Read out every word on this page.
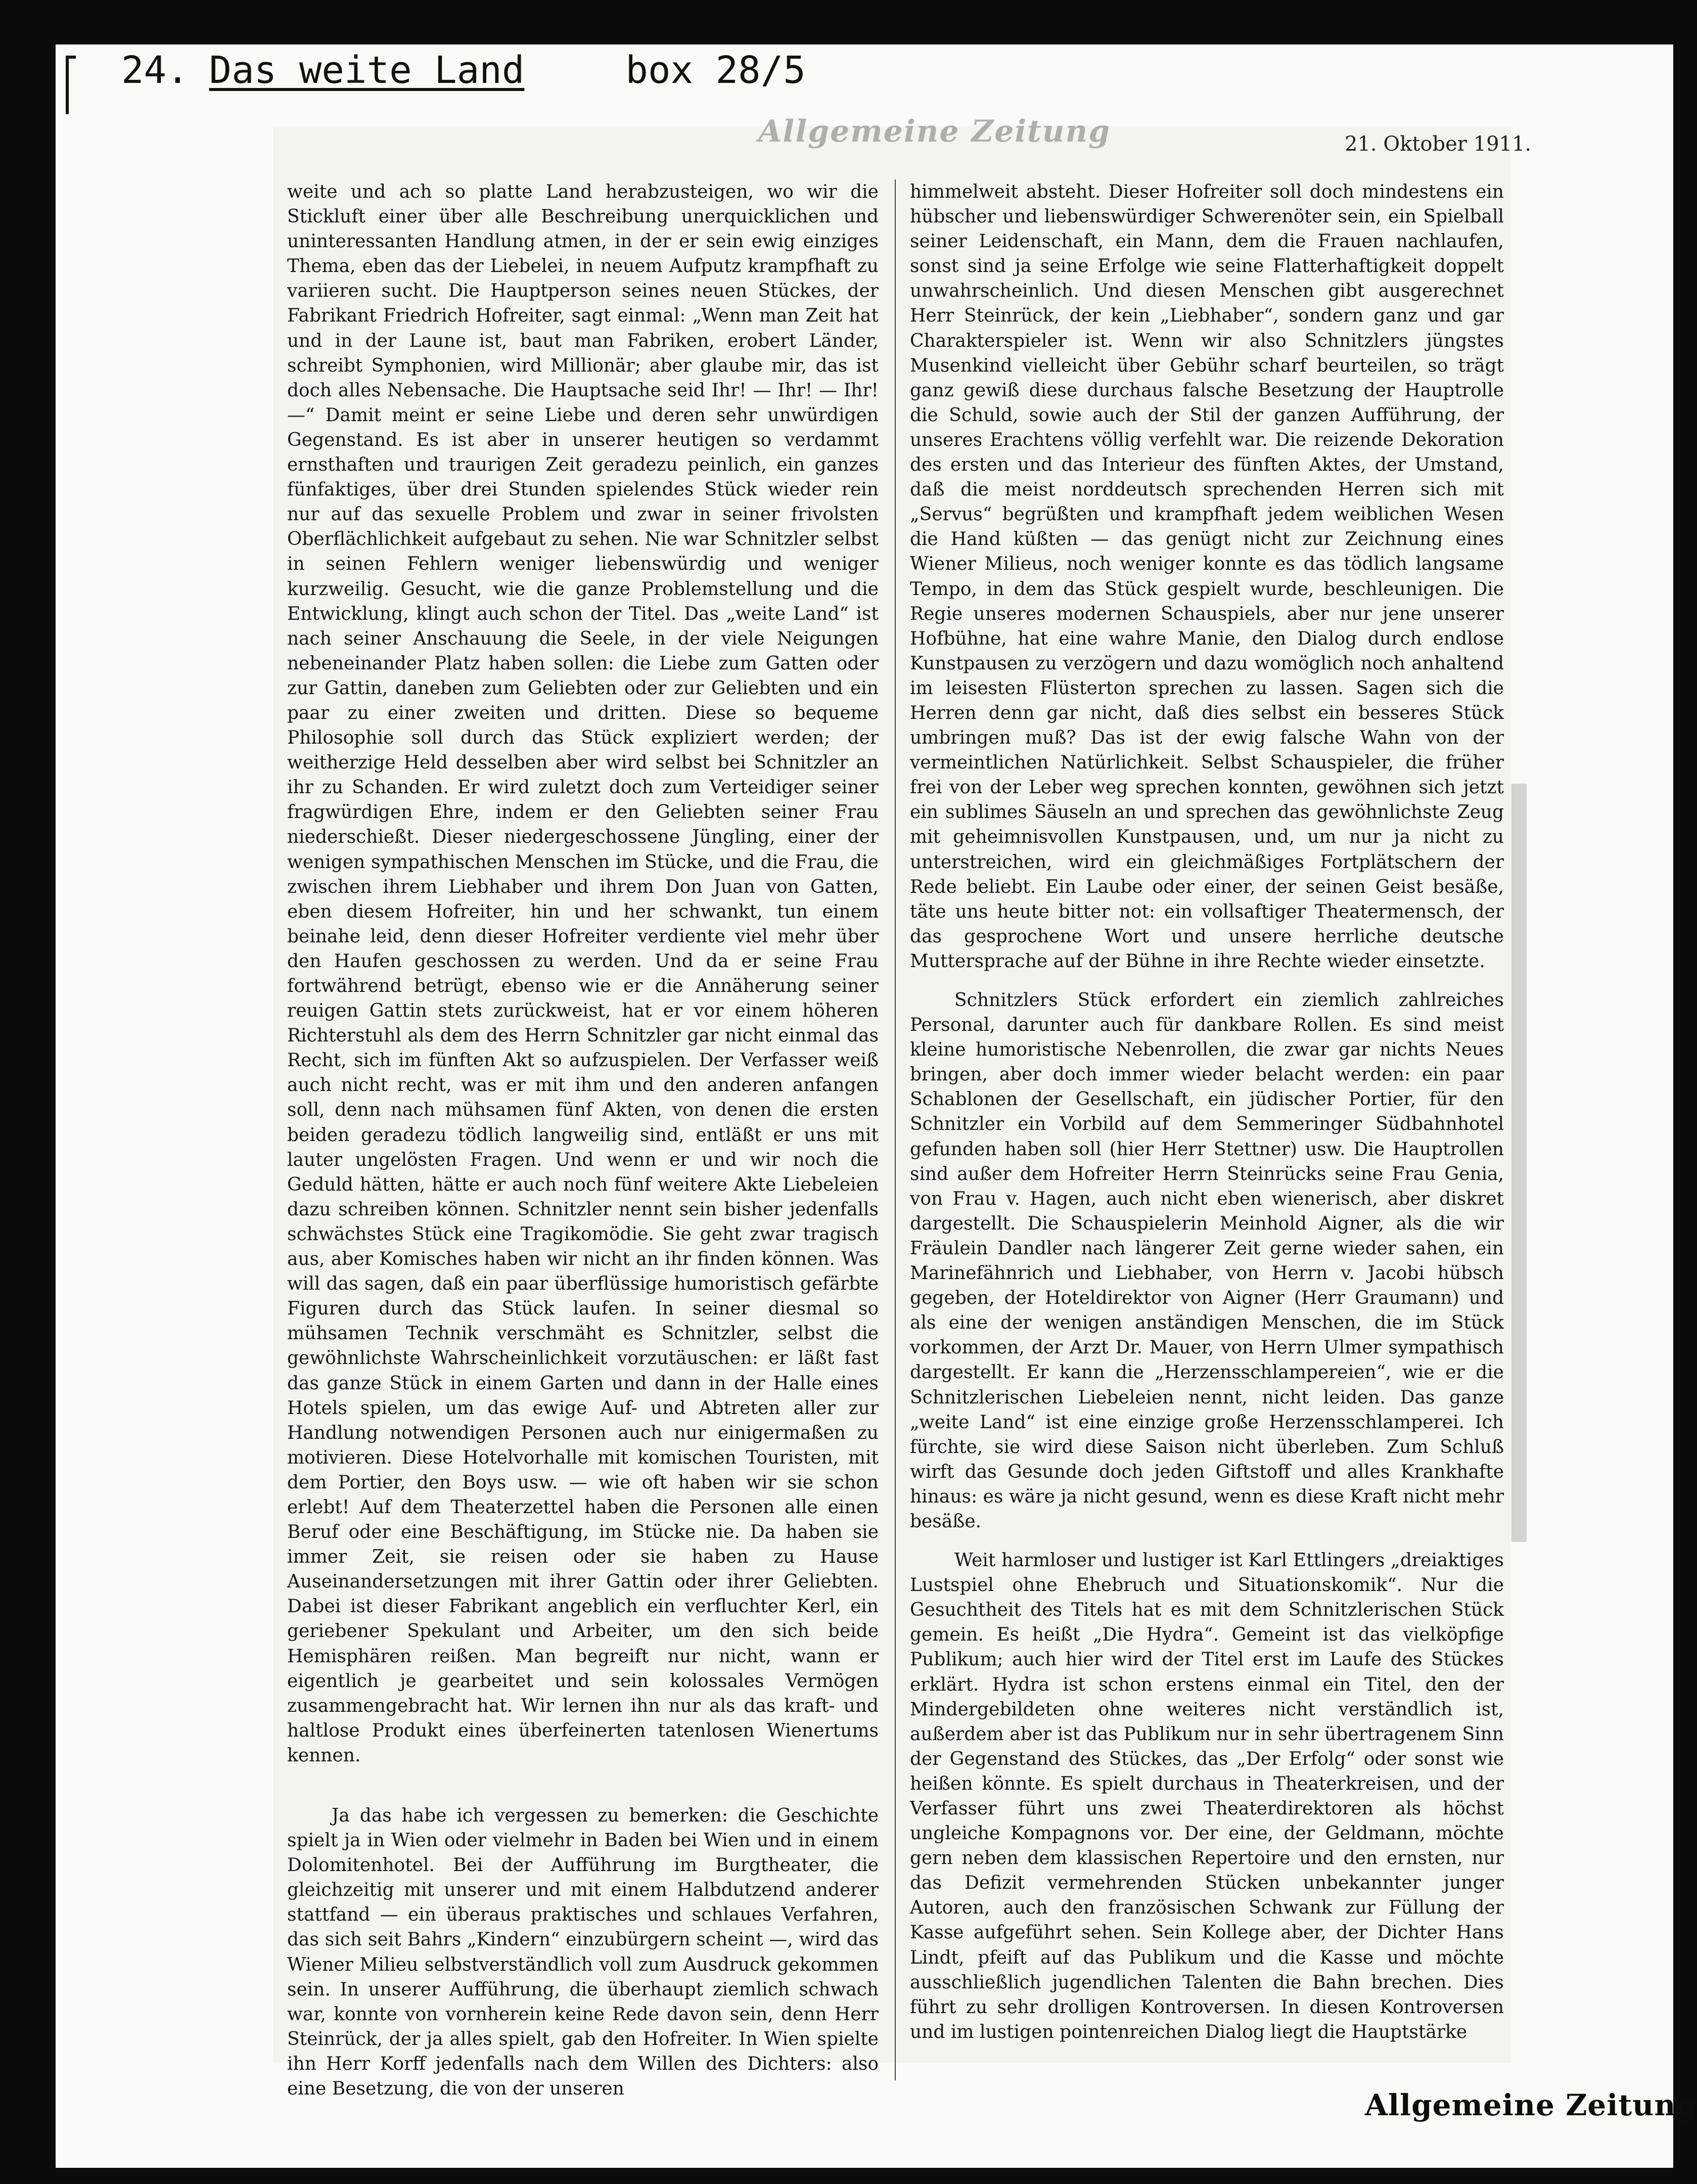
24. Das weite Land	box 28/5
Allgemeine Zeitung	21. Oktober 1911.

weite und ach so platte Land herabzusteigen, wo wir die Stickluft einer über alle Beschreibung unerquicklichen und uninteressanten Handlung atmen, in der er sein ewig einziges Thema, eben das der Liebelei, in neuem Aufputz krampfhaft zu variieren sucht. Die Hauptperson seines neuen Stückes, der Fabrikant Friedrich Hofreiter, sagt einmal: „Wenn man Zeit hat und in der Laune ist, baut man Fabriken, erobert Länder, schreibt Symphonien, wird Millionär; aber glaube mir, das ist doch alles Nebensache. Die Hauptsache seid Ihr! — Ihr! — Ihr! —“ Damit meint er seine Liebe und deren sehr unwürdigen Gegenstand. Es ist aber in unserer heutigen so verdammt ernsthaften und traurigen Zeit geradezu peinlich, ein ganzes fünfaktiges, über drei Stunden spielendes Stück wieder rein nur auf das sexuelle Problem und zwar in seiner frivolsten Oberflächlichkeit aufgebaut zu sehen. Nie war Schnitzler selbst in seinen Fehlern weniger liebenswürdig und weniger kurzweilig. Gesucht, wie die ganze Problemstellung und die Entwicklung, klingt auch schon der Titel. Das „weite Land“ ist nach seiner Anschauung die Seele, in der viele Neigungen nebeneinander Platz haben sollen: die Liebe zum Gatten oder zur Gattin, daneben zum Geliebten oder zur Geliebten und ein paar zu einer zweiten und dritten. Diese so bequeme Philosophie soll durch das Stück expliziert werden; der weitherzige Held desselben aber wird selbst bei Schnitzler an ihr zu Schanden. Er wird zuletzt doch zum Verteidiger seiner fragwürdigen Ehre, indem er den Geliebten seiner Frau niederschießt. Dieser niedergeschossene Jüngling, einer der wenigen sympathischen Menschen im Stücke, und die Frau, die zwischen ihrem Liebhaber und ihrem Don Juan von Gatten, eben diesem Hofreiter, hin und her schwankt, tun einem beinahe leid, denn dieser Hofreiter verdiente viel mehr über den Haufen geschossen zu werden. Und da er seine Frau fortwährend betrügt, ebenso wie er die Annäherung seiner reuigen Gattin stets zurückweist, hat er vor einem höheren Richterstuhl als dem des Herrn Schnitzler gar nicht einmal das Recht, sich im fünften Akt so aufzuspielen. Der Verfasser weiß auch nicht recht, was er mit ihm und den anderen anfangen soll, denn nach mühsamen fünf Akten, von denen die ersten beiden geradezu tödlich langweilig sind, entläßt er uns mit lauter ungelösten Fragen. Und wenn er und wir noch die Geduld hätten, hätte er auch noch fünf weitere Akte Liebeleien dazu schreiben können. Schnitzler nennt sein bisher jedenfalls schwächstes Stück eine Tragikomödie. Sie geht zwar tragisch aus, aber Komisches haben wir nicht an ihr finden können. Was will das sagen, daß ein paar überflüssige humoristisch gefärbte Figuren durch das Stück laufen. In seiner diesmal so mühsamen Technik verschmäht es Schnitzler, selbst die gewöhnlichste Wahrscheinlichkeit vorzutäuschen: er läßt fast das ganze Stück in einem Garten und dann in der Halle eines Hotels spielen, um das ewige Auf- und Abtreten aller zur Handlung notwendigen Personen auch nur einigermaßen zu motivieren. Diese Hotelvorhalle mit komischen Touristen, mit dem Portier, den Boys usw. — wie oft haben wir sie schon erlebt! Auf dem Theaterzettel haben die Personen alle einen Beruf oder eine Beschäftigung, im Stücke nie. Da haben sie immer Zeit, sie reisen oder sie haben zu Hause Auseinandersetzungen mit ihrer Gattin oder ihrer Geliebten. Dabei ist dieser Fabrikant angeblich ein verfluchter Kerl, ein geriebener Spekulant und Arbeiter, um den sich beide Hemisphären reißen. Man begreift nur nicht, wann er eigentlich je gearbeitet und sein kolossales Vermögen zusammengebracht hat. Wir lernen ihn nur als das kraft- und haltlose Produkt eines überfeinerten tatenlosen Wienertums kennen.

Ja das habe ich vergessen zu bemerken: die Geschichte spielt ja in Wien oder vielmehr in Baden bei Wien und in einem Dolomitenhotel. Bei der Aufführung im Burgtheater, die gleichzeitig mit unserer und mit einem Halbdutzend anderer stattfand — ein überaus praktisches und schlaues Verfahren, das sich seit Bahrs „Kindern“ einzubürgern scheint —, wird das Wiener Milieu selbstverständlich voll zum Ausdruck gekommen sein. In unserer Aufführung, die überhaupt ziemlich schwach war, konnte von vornherein keine Rede davon sein, denn Herr Steinrück, der ja alles spielt, gab den Hofreiter. In Wien spielte ihn Herr Korff jedenfalls nach dem Willen des Dichters: also eine Besetzung, die von der unseren

himmelweit absteht. Dieser Hofreiter soll doch mindestens ein hübscher und liebenswürdiger Schwerenöter sein, ein Spielball seiner Leidenschaft, ein Mann, dem die Frauen nachlaufen, sonst sind ja seine Erfolge wie seine Flatterhaftigkeit doppelt unwahrscheinlich. Und diesen Menschen gibt ausgerechnet Herr Steinrück, der kein „Liebhaber“, sondern ganz und gar Charakterspieler ist. Wenn wir also Schnitzlers jüngstes Musenkind vielleicht über Gebühr scharf beurteilen, so trägt ganz gewiß diese durchaus falsche Besetzung der Hauptrolle die Schuld, sowie auch der Stil der ganzen Aufführung, der unseres Erachtens völlig verfehlt war. Die reizende Dekoration des ersten und das Interieur des fünften Aktes, der Umstand, daß die meist norddeutsch sprechenden Herren sich mit „Servus“ begrüßten und krampfhaft jedem weiblichen Wesen die Hand küßten — das genügt nicht zur Zeichnung eines Wiener Milieus, noch weniger konnte es das tödlich langsame Tempo, in dem das Stück gespielt wurde, beschleunigen. Die Regie unseres modernen Schauspiels, aber nur jene unserer Hofbühne, hat eine wahre Manie, den Dialog durch endlose Kunstpausen zu verzögern und dazu womöglich noch anhaltend im leisesten Flüsterton sprechen zu lassen. Sagen sich die Herren denn gar nicht, daß dies selbst ein besseres Stück umbringen muß? Das ist der ewig falsche Wahn von der vermeintlichen Natürlichkeit. Selbst Schauspieler, die früher frei von der Leber weg sprechen konnten, gewöhnen sich jetzt ein sublimes Säuseln an und sprechen das gewöhnlichste Zeug mit geheimnisvollen Kunstpausen, und, um nur ja nicht zu unterstreichen, wird ein gleichmäßiges Fortplätschern der Rede beliebt. Ein Laube oder einer, der seinen Geist besäße, täte uns heute bitter not: ein vollsaftiger Theatermensch, der das gesprochene Wort und unsere herrliche deutsche Muttersprache auf der Bühne in ihre Rechte wieder einsetzte.

Schnitzlers Stück erfordert ein ziemlich zahlreiches Personal, darunter auch für dankbare Rollen. Es sind meist kleine humoristische Nebenrollen, die zwar gar nichts Neues bringen, aber doch immer wieder belacht werden: ein paar Schablonen der Gesellschaft, ein jüdischer Portier, für den Schnitzler ein Vorbild auf dem Semmeringer Südbahnhotel gefunden haben soll (hier Herr Stettner) usw. Die Hauptrollen sind außer dem Hofreiter Herrn Steinrücks seine Frau Genia, von Frau v. Hagen, auch nicht eben wienerisch, aber diskret dargestellt. Die Schauspielerin Meinhold Aigner, als die wir Fräulein Dandler nach längerer Zeit gerne wieder sahen, ein Marinefähnrich und Liebhaber, von Herrn v. Jacobi hübsch gegeben, der Hoteldirektor von Aigner (Herr Graumann) und als eine der wenigen anständigen Menschen, die im Stück vorkommen, der Arzt Dr. Mauer, von Herrn Ulmer sympathisch dargestellt. Er kann die „Herzensschlampereien“, wie er die Schnitzlerischen Liebeleien nennt, nicht leiden. Das ganze „weite Land“ ist eine einzige große Herzensschlamperei. Ich fürchte, sie wird diese Saison nicht überleben. Zum Schluß wirft das Gesunde doch jeden Giftstoff und alles Krankhafte hinaus: es wäre ja nicht gesund, wenn es diese Kraft nicht mehr besäße.

Weit harmloser und lustiger ist Karl Ettlingers „dreiaktiges Lustspiel ohne Ehebruch und Situationskomik“. Nur die Gesuchtheit des Titels hat es mit dem Schnitzlerischen Stück gemein. Es heißt „Die Hydra“. Gemeint ist das vielköpfige Publikum; auch hier wird der Titel erst im Laufe des Stückes erklärt. Hydra ist schon erstens einmal ein Titel, den der Mindergebildeten ohne weiteres nicht verständlich ist, außerdem aber ist das Publikum nur in sehr übertragenem Sinn der Gegenstand des Stückes, das „Der Erfolg“ oder sonst wie heißen könnte. Es spielt durchaus in Theaterkreisen, und der Verfasser führt uns zwei Theaterdirektoren als höchst ungleiche Kompagnons vor. Der eine, der Geldmann, möchte gern neben dem klassischen Repertoire und den ernsten, nur das Defizit vermehrenden Stücken unbekannter junger Autoren, auch den französischen Schwank zur Füllung der Kasse aufgeführt sehen. Sein Kollege aber, der Dichter Hans Lindt, pfeift auf das Publikum und die Kasse und möchte ausschließlich jugendlichen Talenten die Bahn brechen. Dies führt zu sehr drolligen Kontroversen. In diesen Kontroversen und im lustigen pointenreichen Dialog liegt die Hauptstärke

Allgemeine Zeitung
